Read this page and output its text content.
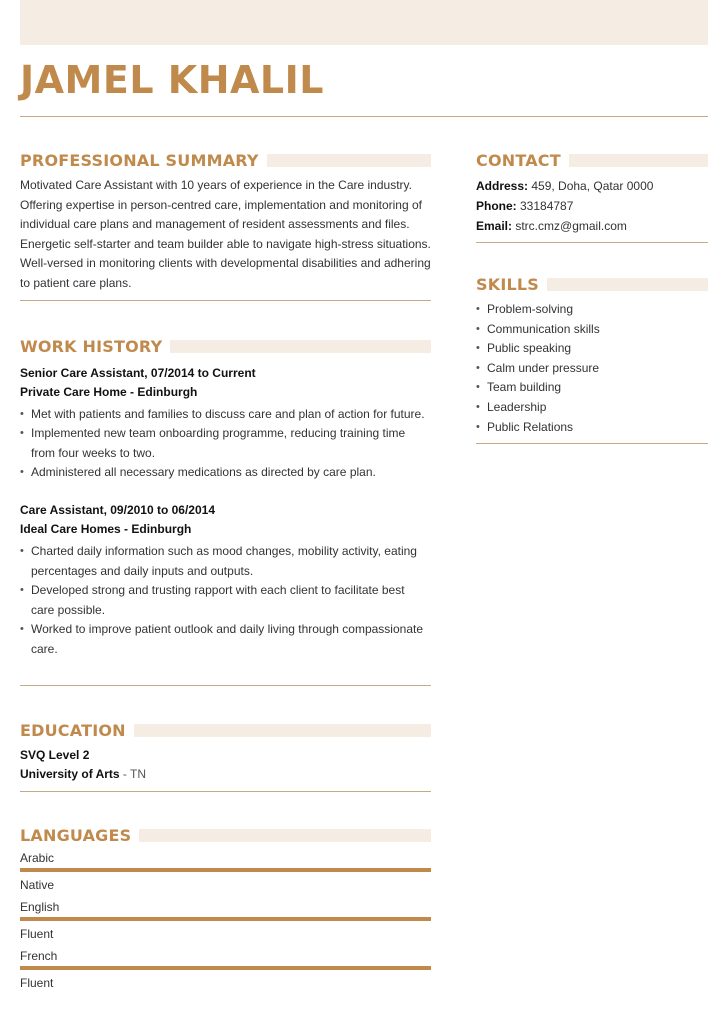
JAMEL KHALIL
PROFESSIONAL SUMMARY

Motivated Care Assistant with 10 years of experience in the Care industry. Offering expertise in person-centred care, implementation and monitoring of individual care plans and management of resident assessments and files. Energetic self-starter and team builder able to navigate high-stress situations. Well-versed in monitoring clients with developmental disabilities and adhering to patient care plans.

WORK HISTORY
Senior Care Assistant, 07/2014 to Current
Private Care Home - Edinburgh
• Met with patients and families to discuss care and plan of action for future.
• Implemented new team onboarding programme, reducing training time from four weeks to two.
• Administered all necessary medications as directed by care plan.
Care Assistant, 09/2010 to 06/2014
Ideal Care Homes - Edinburgh
• Charted daily information such as mood changes, mobility activity, eating percentages and daily inputs and outputs.
• Developed strong and trusting rapport with each client to facilitate best care possible.
• Worked to improve patient outlook and daily living through compassionate care.
EDUCATION
SVQ Level 2
University of Arts - TN
LANGUAGES
Arabic
Native
English
Fluent
French
Fluent
CONTACT
Address: 459, Doha, Qatar 0000
Phone: 33184787
Email: strc.cmz@gmail.com
SKILLS
• Problem-solving
• Communication skills
• Public speaking
• Calm under pressure
• Team building
• Leadership
• Public Relations
